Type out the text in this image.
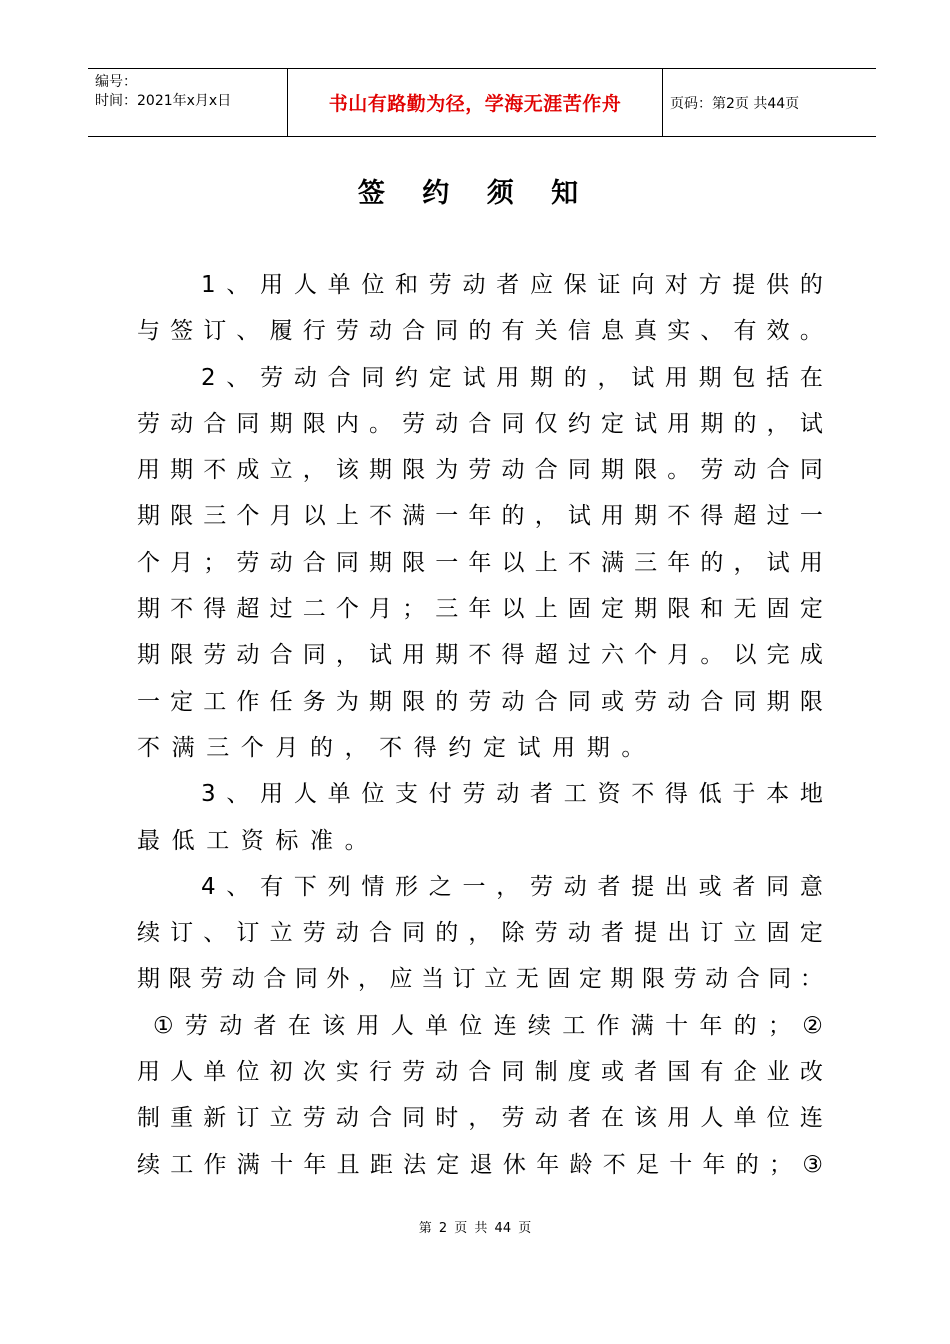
编号：
时间：2021年x月x日	书山有路勤为径，学海无涯苦作舟	页码：第2页 共44页
签 约 须 知
1 、 用 人 单 位 和 劳 动 者 应 保 证 向 对 方 提 供 的
与 签 订 、 履 行 劳 动 合 同 的 有 关 信 息 真 实 、 有 效 。
2 、 劳 动 合 同 约 定 试 用 期 的 ， 试 用 期 包 括 在
劳 动 合 同 期 限 内 。 劳 动 合 同 仅 约 定 试 用 期 的 ， 试
用 期 不 成 立 ， 该 期 限 为 劳 动 合 同 期 限 。 劳 动 合 同
期 限 三 个 月 以 上 不 满 一 年 的 ， 试 用 期 不 得 超 过 一
个 月 ； 劳 动 合 同 期 限 一 年 以 上 不 满 三 年 的 ， 试 用
期 不 得 超 过 二 个 月 ； 三 年 以 上 固 定 期 限 和 无 固 定
期 限 劳 动 合 同 ， 试 用 期 不 得 超 过 六 个 月 。 以 完 成
一 定 工 作 任 务 为 期 限 的 劳 动 合 同 或 劳 动 合 同 期 限
不 满 三 个 月 的 ， 不 得 约 定 试 用 期 。
3 、 用 人 单 位 支 付 劳 动 者 工 资 不 得 低 于 本 地
最 低 工 资 标 准 。
4 、 有 下 列 情 形 之 一 ， 劳 动 者 提 出 或 者 同 意
续 订 、 订 立 劳 动 合 同 的 ， 除 劳 动 者 提 出 订 立 固 定
期 限 劳 动 合 同 外 ， 应 当 订 立 无 固 定 期 限 劳 动 合 同 ：
① 劳 动 者 在 该 用 人 单 位 连 续 工 作 满 十 年 的 ； ②
用 人 单 位 初 次 实 行 劳 动 合 同 制 度 或 者 国 有 企 业 改
制 重 新 订 立 劳 动 合 同 时 ， 劳 动 者 在 该 用 人 单 位 连
续 工 作 满 十 年 且 距 法 定 退 休 年 龄 不 足 十 年 的 ； ③
第 2 页 共 44 页
